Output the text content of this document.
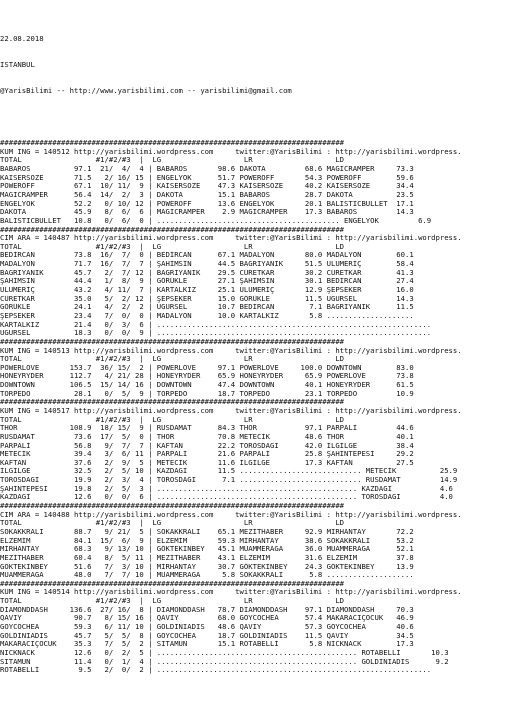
22.08.2018

ISTANBUL

@YarisBilimi -- http://www.yarisbilimi.com -- yarisbilimi@gmail.com

###############################################################################
KUM ING = 140512 http://yarisbilimi.wordpress.com     twitter:@YarisBilimi : http://yarisbilimi.wordpress.
TOTAL                 #1/#2/#3  |  LG                   LR                   LD
BABAROS          97.1  21/  4/  4 | BABAROS       98.6 DAKOTA         68.6 MAGICRAMPER     73.3
KAISERSOZE       71.5   2/ 16/ 15 | ENGELYOK      51.7 POWEROFF       54.3 POWEROFF        59.6
POWEROFF         67.1  10/ 11/  9 | KAISERSOZE    47.3 KAISERSOZE     40.2 KAISERSOZE      34.4
MAGICRAMPER      56.4  14/  2/  3 | DAKOTA        15.1 BABAROS        28.7 DAKOTA          23.5
ENGELYOK         52.2   0/ 10/ 12 | POWEROFF      13.6 ENGELYOK       20.1 BALISTICBULLET  17.1
DAKOTA           45.9   8/  6/  6 | MAGICRAMPER    2.9 MAGICRAMPER    17.3 BABAROS         14.3
BALISTICBULLET   10.8   0/  6/  0 | .......................................... ENGELYOK         6.9
###############################################################################
CIM ARA = 140487 http://yarisbilimi.wordpress.com     twitter:@YarisBilimi : http://yarisbilimi.wordpress.
TOTAL                 #1/#2/#3  |  LG                   LR                   LD
BEDİRCAN         73.8  16/  7/  0 | BEDİRCAN      67.1 MADALYON       80.0 MADALYON        60.1
MADALYON         71.7  16/  7/  7 | ŞAHİMSİN      44.5 BAĞRIYANIK     51.5 ULUMERİÇ        58.4
BAĞRIYANIK       45.7   2/  7/ 12 | BAĞRIYANIK    29.5 CÜRETKAR       30.2 CÜRETKAR        41.3
ŞAHİMSİN         44.4   1/  8/  9 | GÖRÜKLE       27.1 ŞAHİMSİN       30.1 BEDİRCAN        27.4
ULUMERİÇ         43.2   4/ 11/  7 | KARTALKIZ     25.1 ULUMERİÇ       12.9 ŞEPSEKER        16.0
CÜRETKAR         35.0   5/  2/ 12 | ŞEPSEKER      15.0 GÖRÜKLE        11.5 UĞURSEL         14.3
GÖRÜKLE          24.1   4/  2/  2 | UĞURSEL       10.7 BEDİRCAN        7.1 BAĞRIYANIK      11.5
ŞEPSEKER         23.4   7/  0/  0 | MADALYON      10.0 KARTALKIZ       5.8 ....................
KARTALKIZ        21.4   0/  3/  6 | ...............................................................
UĞURSEL          18.3   0/  0/  9 | ...............................................................
###############################################################################
KUM ING = 140513 http://yarisbilimi.wordpress.com     twitter:@YarisBilimi : http://yarisbilimi.wordpress.
TOTAL                 #1/#2/#3  |  LG                   LR                   LD
POWERLOVE       153.7  36/ 15/  2 | POWERLOVE     97.1 POWERLOVE     100.0 DOWNTOWN        83.0
HONEYRYDER      112.7   4/ 21/ 28 | HONEYRYDER    65.9 HONEYRYDER     65.9 POWERLOVE       73.8
DOWNTOWN        106.5  15/ 14/ 16 | DOWNTOWN      47.4 DOWNTOWN       40.1 HONEYRYDER      61.5
TORPEDO          28.1   0/  5/  9 | TORPEDO       18.7 TORPEDO        23.1 TORPEDO         10.9
###############################################################################
KUM ING = 140517 http://yarisbilimi.wordpress.com     twitter:@YarisBilimi : http://yarisbilimi.wordpress.
TOTAL                 #1/#2/#3  |  LG                   LR                   LD
THOR            108.9  18/ 15/  9 | RUSDAMAT      84.3 THOR           97.1 PARPALİ         44.6
RUSDAMAT         73.6  17/  5/  0 | THOR          70.8 METECİK        48.6 THOR            40.1
PARPALİ          56.8   9/  7/  7 | KAFTAN        22.2 TOROSDAĞI      42.0 İLGİLGE         38.4
METECİK          39.4   3/  6/ 11 | PARPALİ       21.6 PARPALİ        25.8 ŞAHİNTEPESİ     29.2
KAFTAN           37.6   2/  9/  5 | METECİK       11.6 İLGİLGE        17.3 KAFTAN          27.5
İLGİLGE          32.5   2/  5/ 10 | KAZDAĞI       11.5 ............................ METECİK          25.9
TOROSDAĞI        19.9   2/  3/  4 | TOROSDAĞI      7.1 ............................ RUSDAMAT         14.9
ŞAHİNTEPESİ      19.8   2/  5/  3 | .............................................. KAZDAĞI           4.6
KAZDAĞI          12.6   0/  0/  6 | .............................................. TOROSDAĞI         4.0
###############################################################################
CIM ARA = 140488 http://yarisbilimi.wordpress.com     twitter:@YarisBilimi : http://yarisbilimi.wordpress.
TOTAL                 #1/#2/#3  |  LG                   LR                   LD
SOKAKKRALI       88.7   9/ 21/  5 | SOKAKKRALI    65.1 MEZİTHABER     92.9 MİRHANTAY       72.2
ELZEMİM          84.1  15/  6/  9 | ELZEMİM       59.3 MİRHANTAY      38.6 SOKAKKRALI      53.2
MİRHANTAY        68.3   9/ 13/ 10 | GÖKTEKİNBEY   45.1 MUAMMERAĞA     36.0 MUAMMERAĞA      52.1
MEZİTHABER       60.4   8/  5/ 11 | MEZİTHABER    43.1 ELZEMİM        31.6 ELZEMİM         37.8
GÖKTEKİNBEY      51.6   7/  3/ 10 | MİRHANTAY     30.7 GÖKTEKİNBEY    24.3 GÖKTEKİNBEY     13.9
MUAMMERAĞA       48.0   7/  7/ 10 | MUAMMERAĞA     5.8 SOKAKKRALI      5.8 ....................
###############################################################################
KUM ING = 140514 http://yarisbilimi.wordpress.com     twitter:@YarisBilimi : http://yarisbilimi.wordpress.
TOTAL                 #1/#2/#3  |  LG                   LR                   LD
DIAMONDDASH     136.6  27/ 16/  8 | DIAMONDDASH   78.7 DIAMONDDASH    97.1 DIAMONDDASH     70.3
QAVIY            90.7   8/ 15/ 16 | QAVIY         68.0 GOYCOCHEA      57.4 MAKARACIÇOCUK   46.9
GOYCOCHEA        59.3   6/ 11/ 10 | GOLDINIADIS   48.6 QAVIY          57.3 GOYCOCHEA       40.6
GOLDINIADIS      45.7   5/  5/  8 | GOYCOCHEA     18.7 GOLDINIADIS    11.5 QAVIY           34.5
MAKARACIÇOCUK    35.3   7/  5/  2 | SITAMUN       15.1 ROTABELLİ       5.8 NICKNACK        17.3
NICKNACK         12.6   0/  2/  5 | .............................................. ROTABELLİ       10.3
SITAMUN          11.4   0/  1/  4 | .............................................. GOLDINIADIS      9.2
ROTABELLİ         9.5   2/  0/  2 | ...............................................................
